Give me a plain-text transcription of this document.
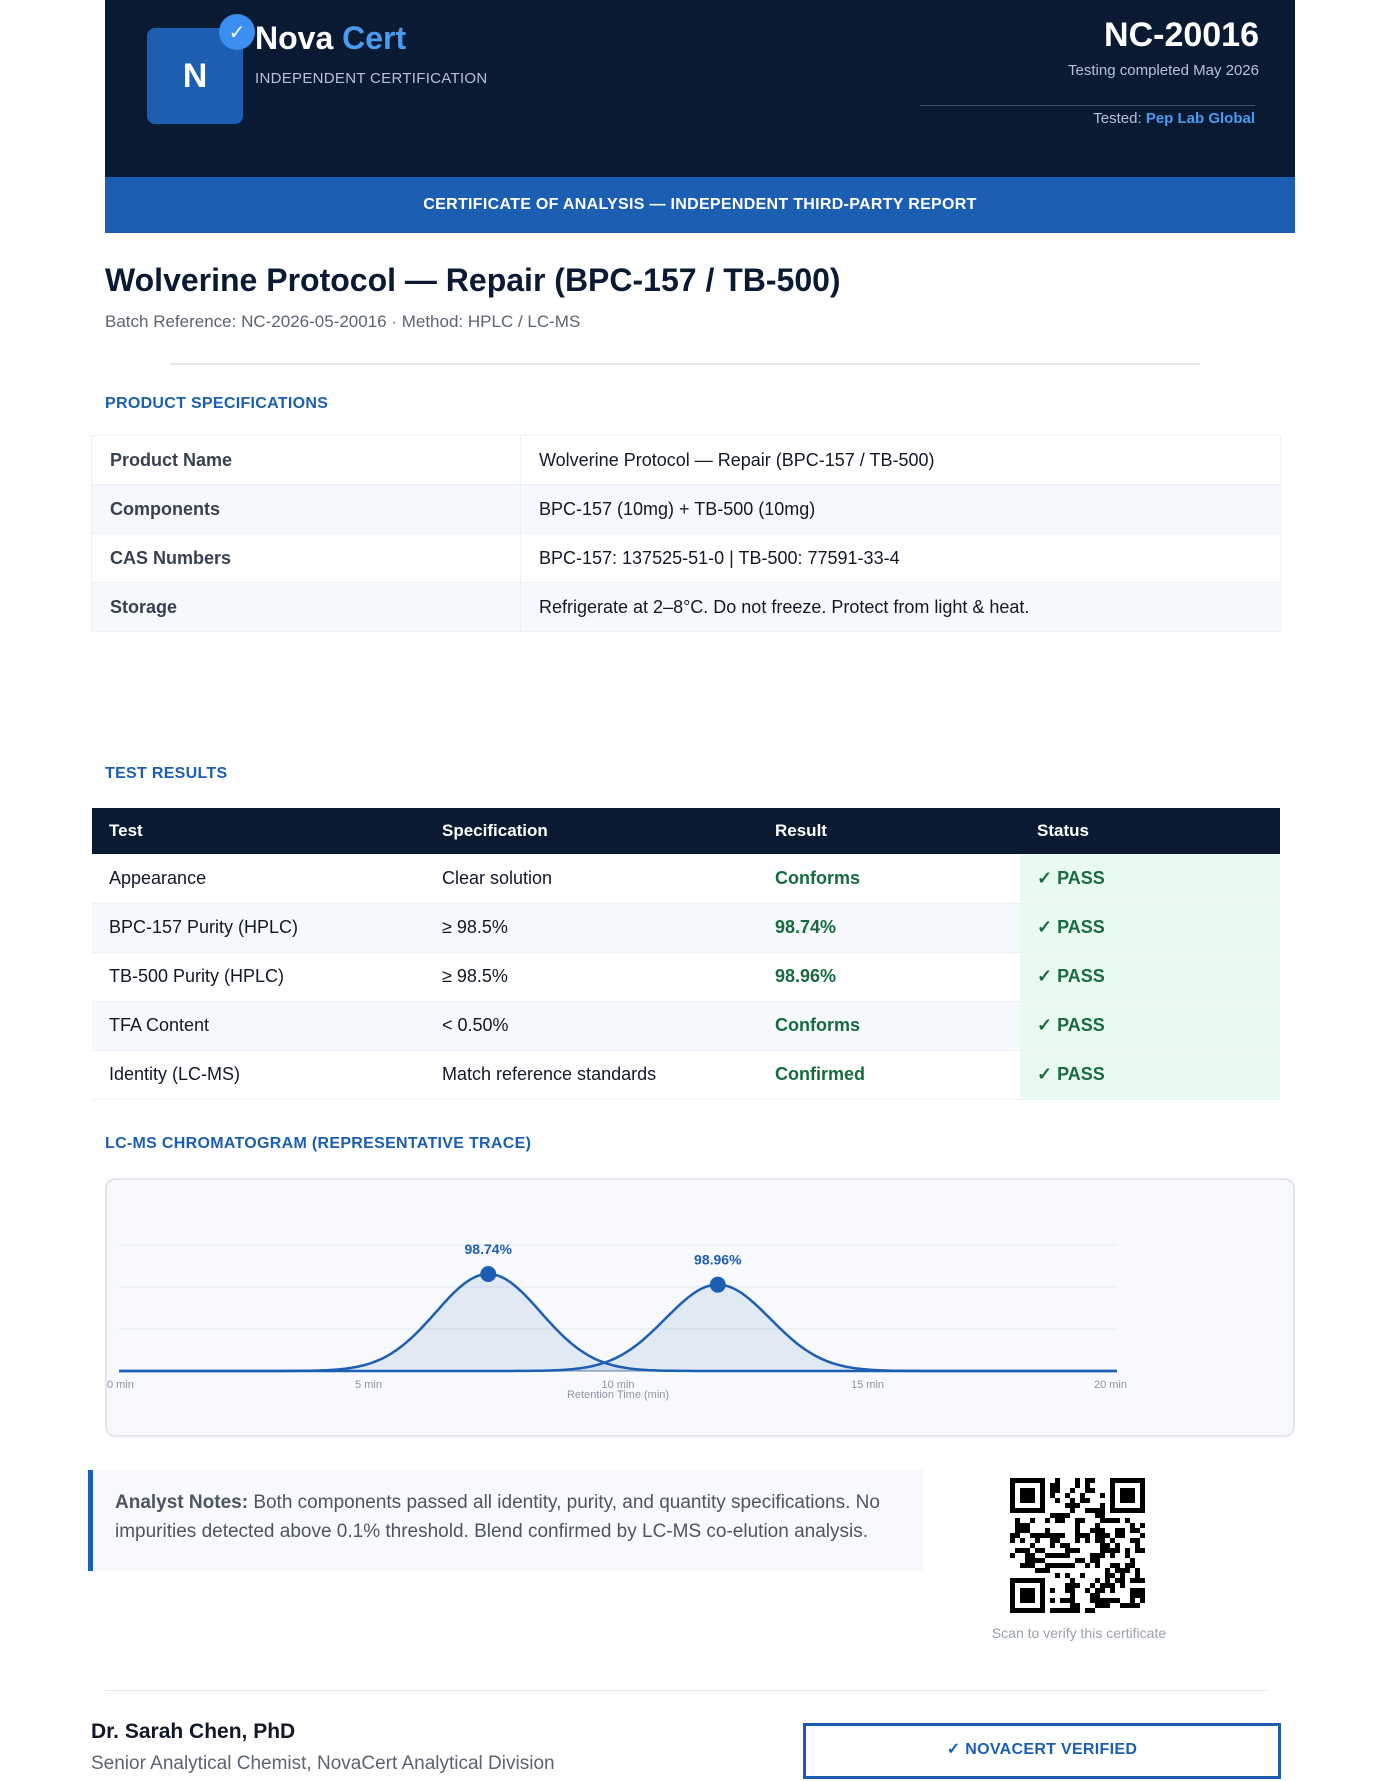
N
✓ Nova Cert
INDEPENDENT CERTIFICATION
NC-20016
Testing completed May 2026
Tested: Pep Lab Global
CERTIFICATE OF ANALYSIS — INDEPENDENT THIRD-PARTY REPORT
Wolverine Protocol — Repair (BPC-157 / TB-500)
Batch Reference: NC-2026-05-20016 · Method: HPLC / LC-MS
PRODUCT SPECIFICATIONS
Product Name	Wolverine Protocol — Repair (BPC-157 / TB-500)
Components	BPC-157 (10mg) + TB-500 (10mg)
CAS Numbers	BPC-157: 137525-51-0 | TB-500: 77591-33-4
Storage	Refrigerate at 2–8°C. Do not freeze. Protect from light & heat.
TEST RESULTS
Test	Specification	Result	Status
Appearance	Clear solution	Conforms	✓ PASS
BPC-157 Purity (HPLC)	≥ 98.5%	98.74%	✓ PASS
TB-500 Purity (HPLC)	≥ 98.5%	98.96%	✓ PASS
TFA Content	< 0.50%	Conforms	✓ PASS
Identity (LC-MS)	Match reference standards	Confirmed	✓ PASS
LC-MS CHROMATOGRAM (REPRESENTATIVE TRACE)
98.74%
98.96%
0 min	5 min	10 min	15 min	20 min
Retention Time (min)
Analyst Notes: Both components passed all identity, purity, and quantity specifications. No impurities detected above 0.1% threshold. Blend confirmed by LC-MS co-elution analysis.
Scan to verify this certificate
Dr. Sarah Chen, PhD
Senior Analytical Chemist, NovaCert Analytical Division
✓ NOVACERT VERIFIED
